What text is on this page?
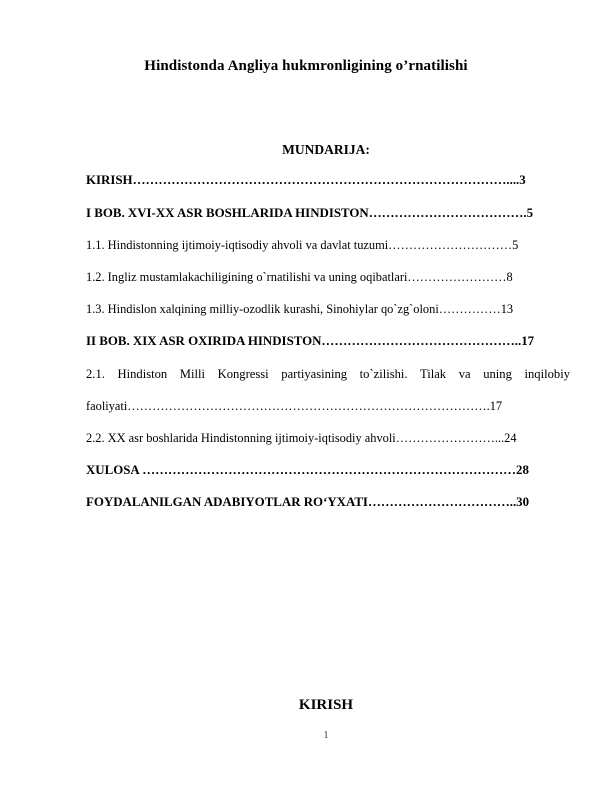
Hindistonda Angliya hukmronligining o’rnatilishi
MUNDARIJA:
KIRISH……………………………………………………………………………....3
I BOB. XVI-XX ASR BOSHLARIDA HINDISTON……………………………….5
1.1. Hindistonning ijtimoiy-iqtisodiy ahvoli va davlat tuzumi…………………………5
1.2. Ingliz mustamlakachiligining o`rnatilishi va uning oqibatlari……………………8
1.3. Hindislon xalqining milliy-ozodlik kurashi, Sinohiylar qo`zg`oloni……………13
II BOB. XIX ASR OXIRIDA HINDISTON………………………………………..17
2.1. Hindiston Milli Kongressi partiyasining to`zilishi. Tilak va uning inqilobiy
faoliyati…………………………………………………………………………….17
2.2. XX asr boshlarida Hindistonning ijtimoiy-iqtisodiy ahvoli……………………...24
XULOSA ……………………………………………………………………………28
FOYDALANILGAN ADABIYOTLAR RO‘YXATI……………………………..30
KIRISH
1
